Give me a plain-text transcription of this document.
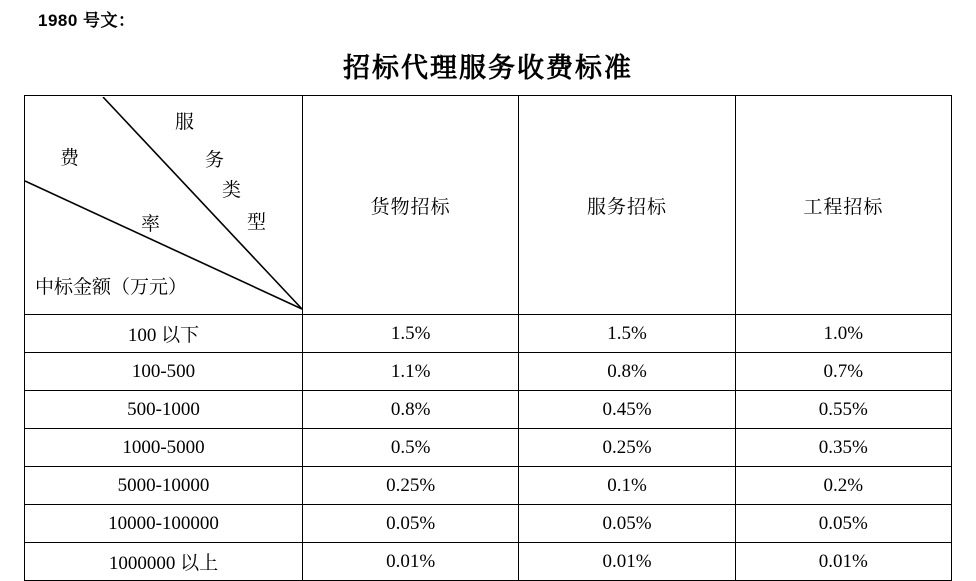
1980 号文：
招标代理服务收费标准
费
率
服
务
类
型
中标金额（万元）
	货物招标	服务招标	工程招标
100 以下	1.5%	1.5%	1.0%
100-500	1.1%	0.8%	0.7%
500-1000	0.8%	0.45%	0.55%
1000-5000	0.5%	0.25%	0.35%
5000-10000	0.25%	0.1%	0.2%
10000-100000	0.05%	0.05%	0.05%
1000000 以上	0.01%	0.01%	0.01%
